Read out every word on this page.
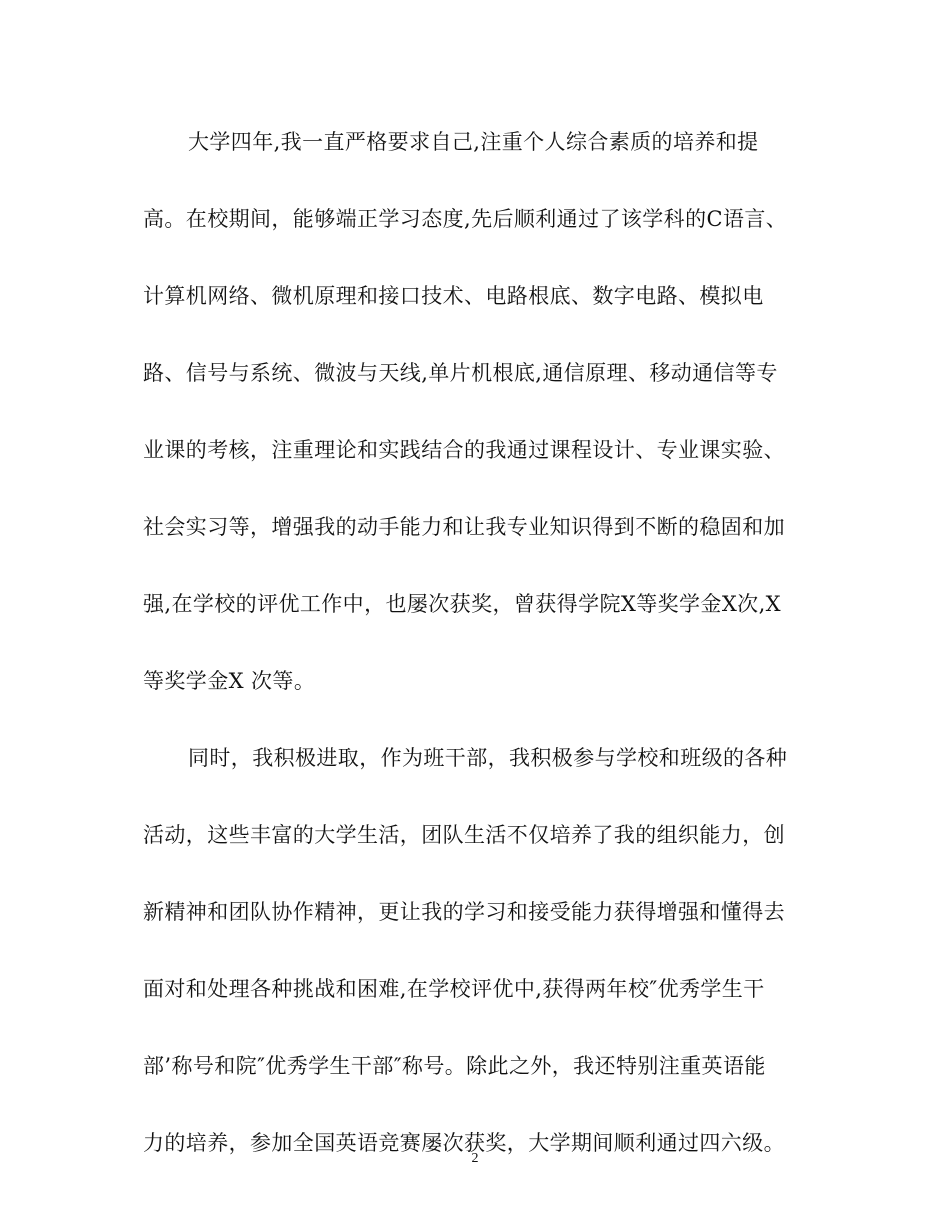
大学四年,我一直严格要求自己,注重个人综合素质的培养和提
高。在校期间，能够端正学习态度,先后顺利通过了该学科的C语言、
计算机网络、微机原理和接口技术、电路根底、数字电路、模拟电
路、信号与系统、微波与天线,单片机根底,通信原理、移动通信等专
业课的考核，注重理论和实践结合的我通过课程设计、专业课实验、
社会实习等，增强我的动手能力和让我专业知识得到不断的稳固和加
强,在学校的评优工作中，也屡次获奖，曾获得学院X等奖学金X次,X
等奖学金X 次等。
同时，我积极进取，作为班干部，我积极参与学校和班级的各种
活动，这些丰富的大学生活，团队生活不仅培养了我的组织能力，创
新精神和团队协作精神，更让我的学习和接受能力获得增强和懂得去
面对和处理各种挑战和困难,在学校评优中,获得两年校″优秀学生干
部’称号和院″优秀学生干部″称号。除此之外，我还特别注重英语能
力的培养，参加全国英语竞赛屡次获奖，大学期间顺利通过四六级。
2
